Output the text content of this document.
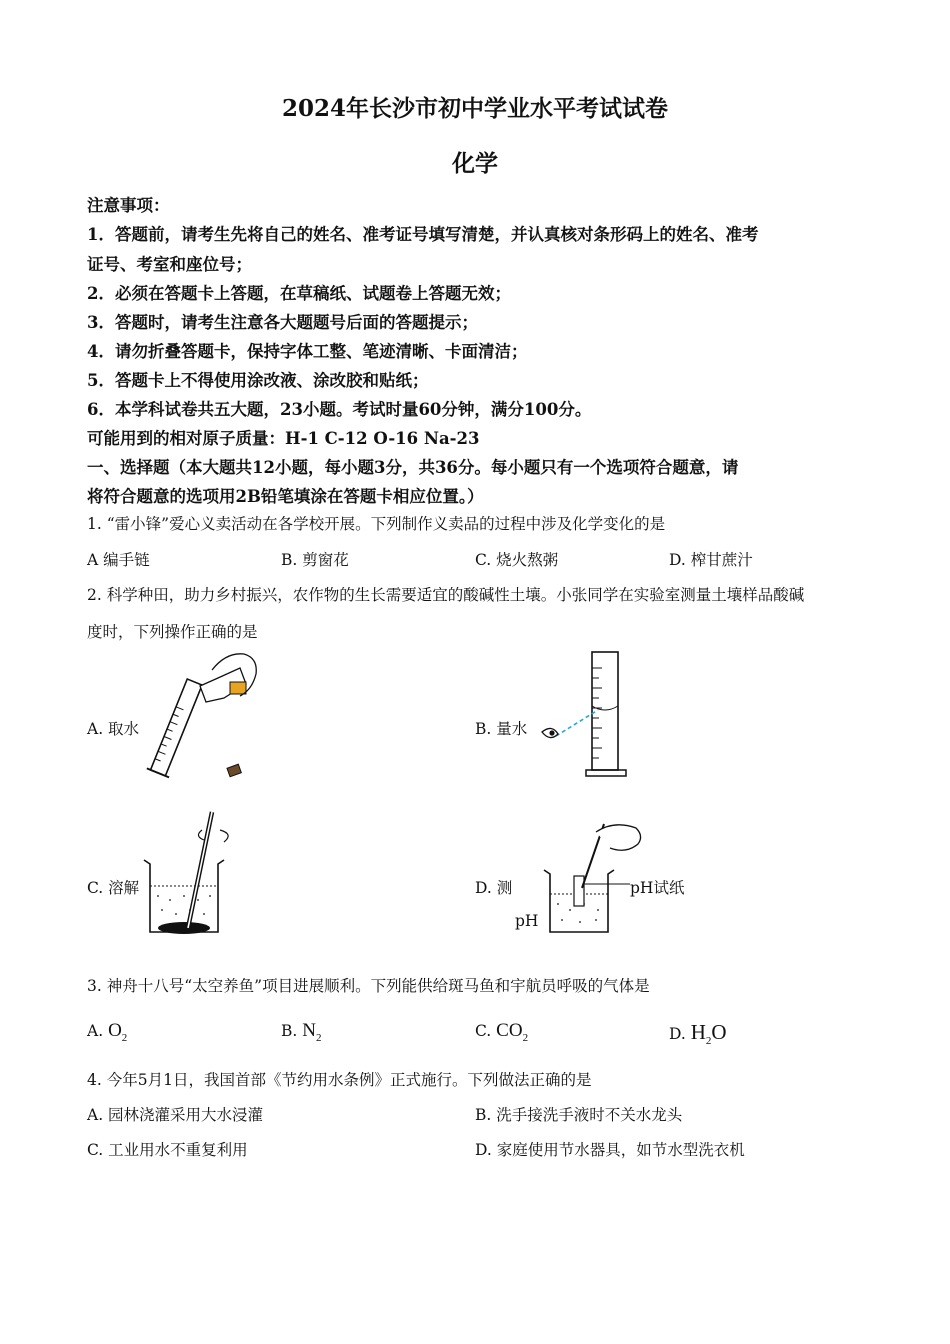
2024年长沙市初中学业水平考试试卷
化学
注意事项：
1．答题前，请考生先将自己的姓名、准考证号填写清楚，并认真核对条形码上的姓名、准考
证号、考室和座位号；
2．必须在答题卡上答题，在草稿纸、试题卷上答题无效；
3．答题时，请考生注意各大题题号后面的答题提示；
4．请勿折叠答题卡，保持字体工整、笔迹清晰、卡面清洁；
5．答题卡上不得使用涂改液、涂改胶和贴纸；
6．本学科试卷共五大题，23小题。考试时量60分钟，满分100分。
可能用到的相对原子质量：H-1 C-12 O-16 Na-23
一、选择题（本大题共12小题，每小题3分，共36分。每小题只有一个选项符合题意，请
将符合题意的选项用2B铅笔填涂在答题卡相应位置。）
1. “雷小锋”爱心义卖活动在各学校开展。下列制作义卖品的过程中涉及化学变化的是
A 编手链	B. 剪窗花	C. 烧火熬粥	D. 榨甘蔗汁
2. 科学种田，助力乡村振兴，农作物的生长需要适宜的酸碱性土壤。小张同学在实验室测量土壤样品酸碱
度时，下列操作正确的是
A. 取水	B. 量水
C. 溶解	D. 测
pH
pH试纸
3. 神舟十八号“太空养鱼”项目进展顺利。下列能供给斑马鱼和宇航员呼吸的气体是
A. $O_2$	B. $N_2$	C. $CO_2$	D. $H_2O$
4. 今年5月1日，我国首部《节约用水条例》正式施行。下列做法正确的是
A. 园林浇灌采用大水浸灌	B. 洗手接洗手液时不关水龙头
C. 工业用水不重复利用	D. 家庭使用节水器具，如节水型洗衣机
